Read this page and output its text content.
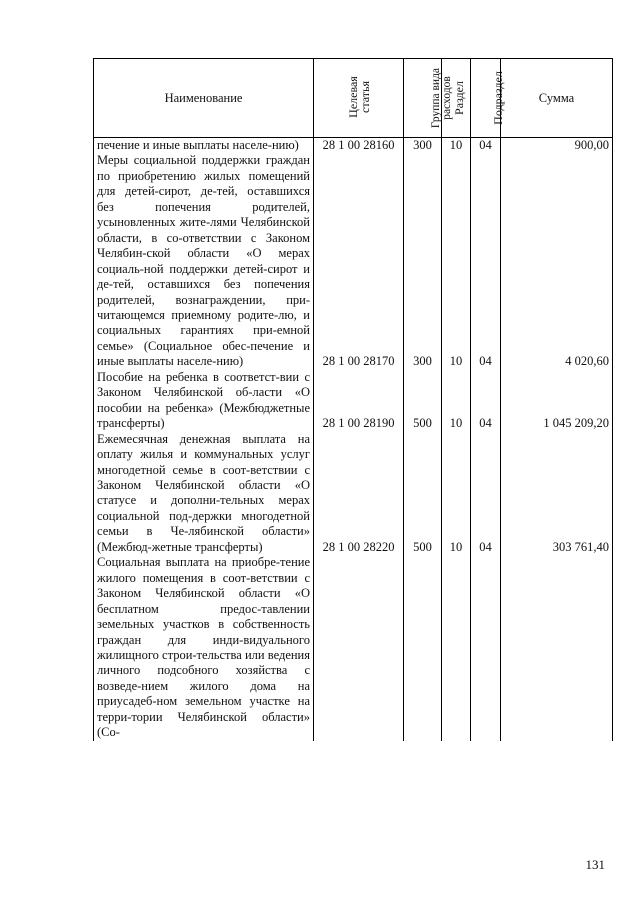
Наименование	Целевая статья	Группа вида расходов	Раздел	Подраздел	Сумма
печение и иные выплаты населе-нию)	28 1 00 28160	300	10	04	900,00
Меры социальной поддержки граждан по приобретению жилых помещений для детей-сирот, де-тей, оставшихся без попечения родителей, усыновленных жите-лями Челябинской области, в со-ответствии с Законом Челябин-ской области «О мерах социаль-ной поддержки детей-сирот и де-тей, оставшихся без попечения родителей, вознаграждении, при-читающемся приемному родите-лю, и социальных гарантиях при-емной семье» (Социальное обес-печение и иные выплаты населе-нию)	28 1 00 28170	300	10	04	4 020,60
Пособие на ребенка в соответст-вии с Законом Челябинской об-ласти «О пособии на ребенка» (Межбюджетные трансферты)	28 1 00 28190	500	10	04	1 045 209,20
Ежемесячная денежная выплата на оплату жилья и коммунальных услуг многодетной семье в соот-ветствии с Законом Челябинской области «О статусе и дополни-тельных мерах социальной под-держки многодетной семьи в Че-лябинской области» (Межбюд-жетные трансферты)	28 1 00 28220	500	10	04	303 761,40
Социальная выплата на приобре-тение жилого помещения в соот-ветствии с Законом Челябинской области «О бесплатном предос-тавлении земельных участков в собственность граждан для инди-видуального жилищного строи-тельства или ведения личного подсобного хозяйства с возведе-нием жилого дома на приусадеб-ном земельном участке на терри-тории Челябинской области» (Со-					
131
